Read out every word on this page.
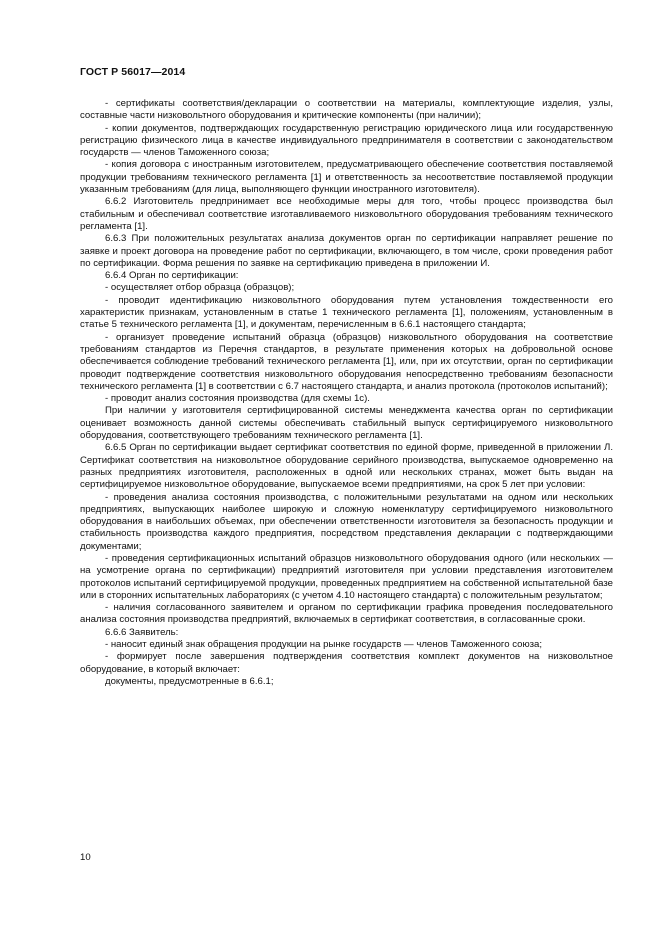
ГОСТ Р 56017—2014

- сертификаты соответствия/декларации о соответствии на материалы, комплектующие изделия, узлы, составные части низковольтного оборудования и критические компоненты (при наличии);

- копии документов, подтверждающих государственную регистрацию юридического лица или государственную регистрацию физического лица в качестве индивидуального предпринимателя в соответствии с законодательством государств — членов Таможенного союза;

- копия договора с иностранным изготовителем, предусматривающего обеспечение соответствия поставляемой продукции требованиям технического регламента [1] и ответственность за несоответствие поставляемой продукции указанным требованиям (для лица, выполняющего функции иностранного изготовителя).

6.6.2 Изготовитель предпринимает все необходимые меры для того, чтобы процесс производства был стабильным и обеспечивал соответствие изготавливаемого низковольтного оборудования требованиям технического регламента [1].

6.6.3 При положительных результатах анализа документов орган по сертификации направляет решение по заявке и проект договора на проведение работ по сертификации, включающего, в том числе, сроки проведения работ по сертификации. Форма решения по заявке на сертификацию приведена в приложении И.

6.6.4 Орган по сертификации:

- осуществляет отбор образца (образцов);

- проводит идентификацию низковольтного оборудования путем установления тождественности его характеристик признакам, установленным в статье 1 технического регламента [1], положениям, установленным в статье 5 технического регламента [1], и документам, перечисленным в 6.6.1 настоящего стандарта;

- организует проведение испытаний образца (образцов) низковольтного оборудования на соответствие требованиям стандартов из Перечня стандартов, в результате применения которых на добровольной основе обеспечивается соблюдение требований технического регламента [1], или, при их отсутствии, орган по сертификации проводит подтверждение соответствия низковольтного оборудования непосредственно требованиям безопасности технического регламента [1] в соответствии с 6.7 настоящего стандарта, и анализ протокола (протоколов испытаний);

- проводит анализ состояния производства (для схемы 1с).

При наличии у изготовителя сертифицированной системы менеджмента качества орган по сертификации оценивает возможность данной системы обеспечивать стабильный выпуск сертифицируемого низковольтного оборудования, соответствующего требованиям технического регламента [1].

6.6.5 Орган по сертификации выдает сертификат соответствия по единой форме, приведенной в приложении Л. Сертификат соответствия на низковольтное оборудование серийного производства, выпускаемое одновременно на разных предприятиях изготовителя, расположенных в одной или нескольких странах, может быть выдан на сертифицируемое низковольтное оборудование, выпускаемое всеми предприятиями, на срок 5 лет при условии:

- проведения анализа состояния производства, с положительными результатами на одном или нескольких предприятиях, выпускающих наиболее широкую и сложную номенклатуру сертифицируемого низковольтного оборудования в наибольших объемах, при обеспечении ответственности изготовителя за безопасность продукции и стабильность производства каждого предприятия, посредством представления декларации с подтверждающими документами;

- проведения сертификационных испытаний образцов низковольтного оборудования одного (или нескольких — на усмотрение органа по сертификации) предприятий изготовителя при условии представления изготовителем протоколов испытаний сертифицируемой продукции, проведенных предприятием на собственной испытательной базе или в сторонних испытательных лабораториях (с учетом 4.10 настоящего стандарта) с положительным результатом;

- наличия согласованного заявителем и органом по сертификации графика проведения последовательного анализа состояния производства предприятий, включаемых в сертификат соответствия, в согласованные сроки.

6.6.6 Заявитель:

- наносит единый знак обращения продукции на рынке государств — членов Таможенного союза;

- формирует после завершения подтверждения соответствия комплект документов на низковольтное оборудование, в который включает:

документы, предусмотренные в 6.6.1;

10
